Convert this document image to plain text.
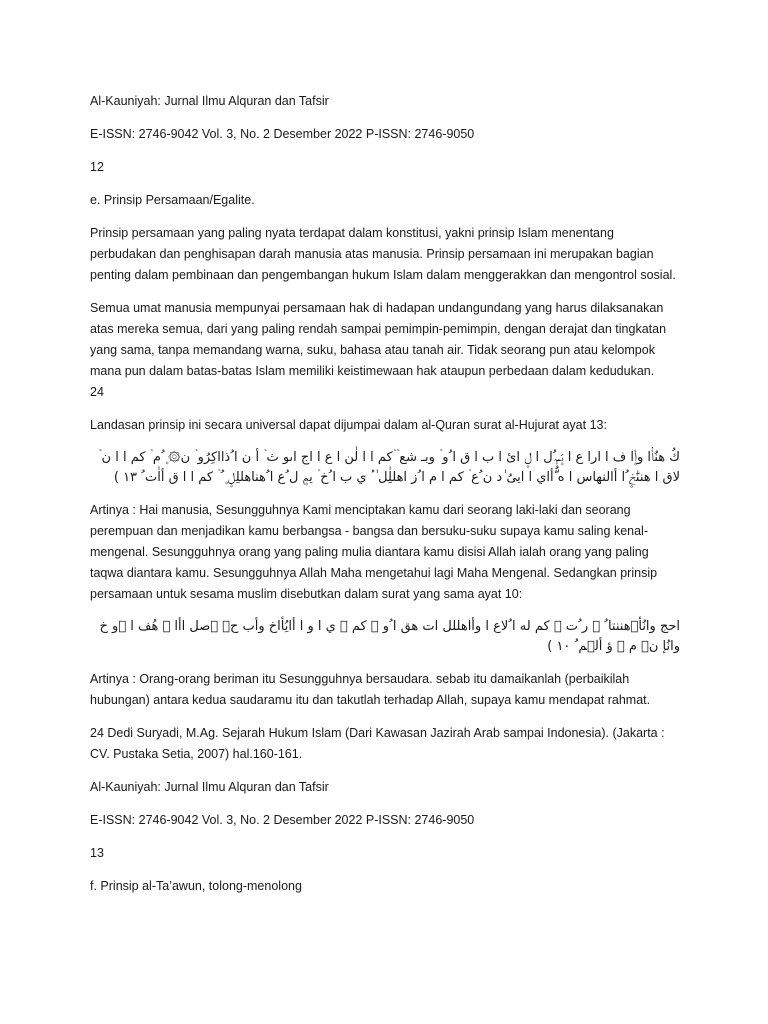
Al-Kauniyah: Jurnal Ilmu Alquran dan Tafsir

E-ISSN: 2746-9042 Vol. 3, No. 2 Desember 2022 P-ISSN: 2746-9050

12

e. Prinsip Persamaan/Egalite.

Prinsip persamaan yang paling nyata terdapat dalam konstitusi, yakni prinsip Islam menentang perbudakan dan penghisapan darah manusia atas manusia. Prinsip persamaan ini merupakan bagian penting dalam pembinaan dan pengembangan hukum Islam dalam menggerakkan dan mengontrol sosial.

Semua umat manusia mempunyai persamaan hak di hadapan undangundang yang harus dilaksanakan atas mereka semua, dari yang paling rendah sampai pemimpin-pemimpin, dengan derajat dan tingkatan yang sama, tanpa memandang warna, suku, bahasa atau tanah air. Tidak seorang pun atau kelompok mana pun dalam batas-batas Islam memiliki keistimewaan hak ataupun perbedaan dalam kedudukan.
24

Landasan prinsip ini secara universal dapat dijumpai dalam al-Quran surat al-Hujurat ayat 13:

كُ هنُأ۬ا وأ۪ا ف ا ارا ع ا ت۪ـ ُل ا ل۪ ائ ا ب ا ق ا ُو ۡ وبـ شع ۡ ۡكم ا ا لٰن ا ع ا اج اىو ث ۡ أ ن ا ُذااكِرُو ۡ ن۞ ۪ ُم ۡ كم ا ا ن ۡ لاق ا هننَٰخ۪ ُا أالنهاس ا ه ُّٰٓأاي ا ايىُ ٰد ن ُع ۡ كم ا م ا ُز اهللِٰل ٰ ُ۫ ي ب ا ُخ ۡ يم۪ ل ُع ا ُهناهللِل۪ ۪ ُ ۡ كم ا ا ق أاٰت ُ ١٣ )

Artinya : Hai manusia, Sesungguhnya Kami menciptakan kamu dari seorang laki-laki dan seorang perempuan dan menjadikan kamu berbangsa - bangsa dan bersuku-suku supaya kamu saling kenal-mengenal. Sesungguhnya orang yang paling mulia diantara kamu disisi Allah ialah orang yang paling taqwa diantara kamu. Sesungguhnya Allah Maha mengetahui lagi Maha Mengenal. Sedangkan prinsip persamaan untuk sesama muslim disebutkan dalam surat yang sama ayat 10:

احج وانُأ۪هننتا ُ ۡ ر ُت ۡ كم له ا ُلاع ا وأاهللل ات هق ا ُو ۡ كم ۡ ي ا و ا أاىُِأاخ وأب ح۪ ۡصل اأا ۠ هُف ا ۡو خ وانُإ ن۪ م ۡ ؤ أل۪م ُ ١٠ )

Artinya : Orang-orang beriman itu Sesungguhnya bersaudara. sebab itu damaikanlah (perbaikilah hubungan) antara kedua saudaramu itu dan takutlah terhadap Allah, supaya kamu mendapat rahmat.

24 Dedi Suryadi, M.Ag. Sejarah Hukum Islam (Dari Kawasan Jazirah Arab sampai Indonesia). (Jakarta : CV. Pustaka Setia, 2007) hal.160-161.

Al-Kauniyah: Jurnal Ilmu Alquran dan Tafsir

E-ISSN: 2746-9042 Vol. 3, No. 2 Desember 2022 P-ISSN: 2746-9050

13

f. Prinsip al-Ta’awun, tolong-menolong
